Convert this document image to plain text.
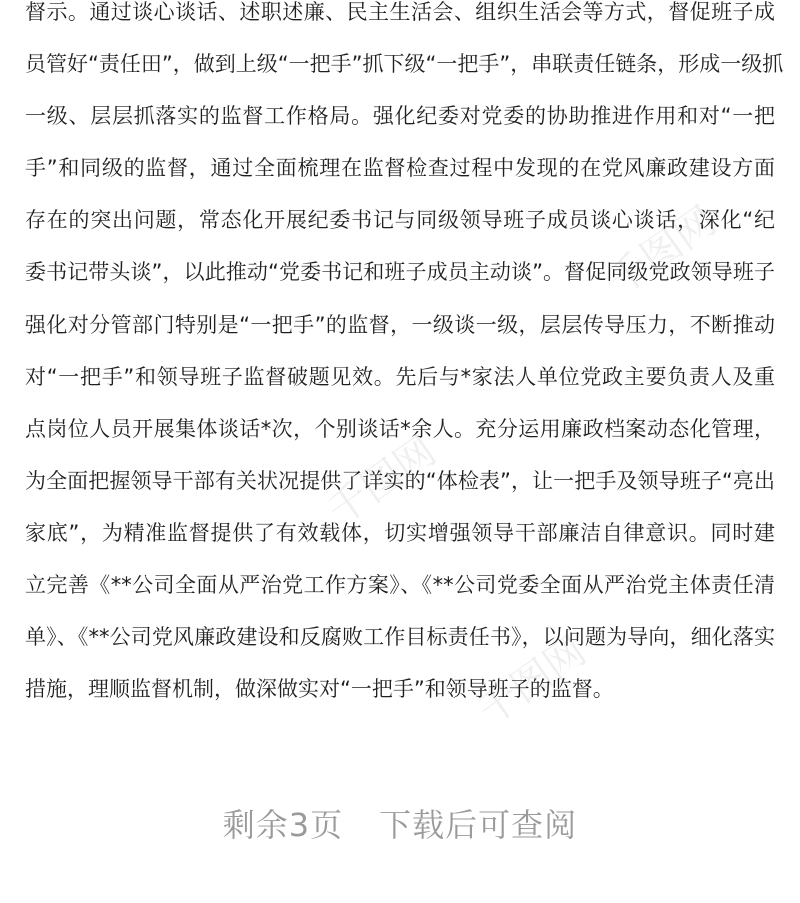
千图网
千图网
千图网
督示。通过谈心谈话、述职述廉、民主生活会、组织生活会等方式，督促班子成
员管好“责任田”，做到上级“一把手”抓下级“一把手”，串联责任链条，形成一级抓
一级、层层抓落实的监督工作格局。强化纪委对党委的协助推进作用和对“一把
手”和同级的监督，通过全面梳理在监督检查过程中发现的在党风廉政建设方面
存在的突出问题，常态化开展纪委书记与同级领导班子成员谈心谈话，深化“纪
委书记带头谈”，以此推动“党委书记和班子成员主动谈”。督促同级党政领导班子
强化对分管部门特别是“一把手”的监督，一级谈一级，层层传导压力，不断推动
对“一把手”和领导班子监督破题见效。先后与*家法人单位党政主要负责人及重
点岗位人员开展集体谈话*次，个别谈话*余人。充分运用廉政档案动态化管理，
为全面把握领导干部有关状况提供了详实的“体检表”，让一把手及领导班子“亮出
家底”，为精准监督提供了有效载体，切实增强领导干部廉洁自律意识。同时建
立完善《**公司全面从严治党工作方案》、《**公司党委全面从严治党主体责任清
单》、《**公司党风廉政建设和反腐败工作目标责任书》，以问题为导向，细化落实
措施，理顺监督机制，做深做实对“一把手”和领导班子的监督。
剩余3页 下载后可查阅
